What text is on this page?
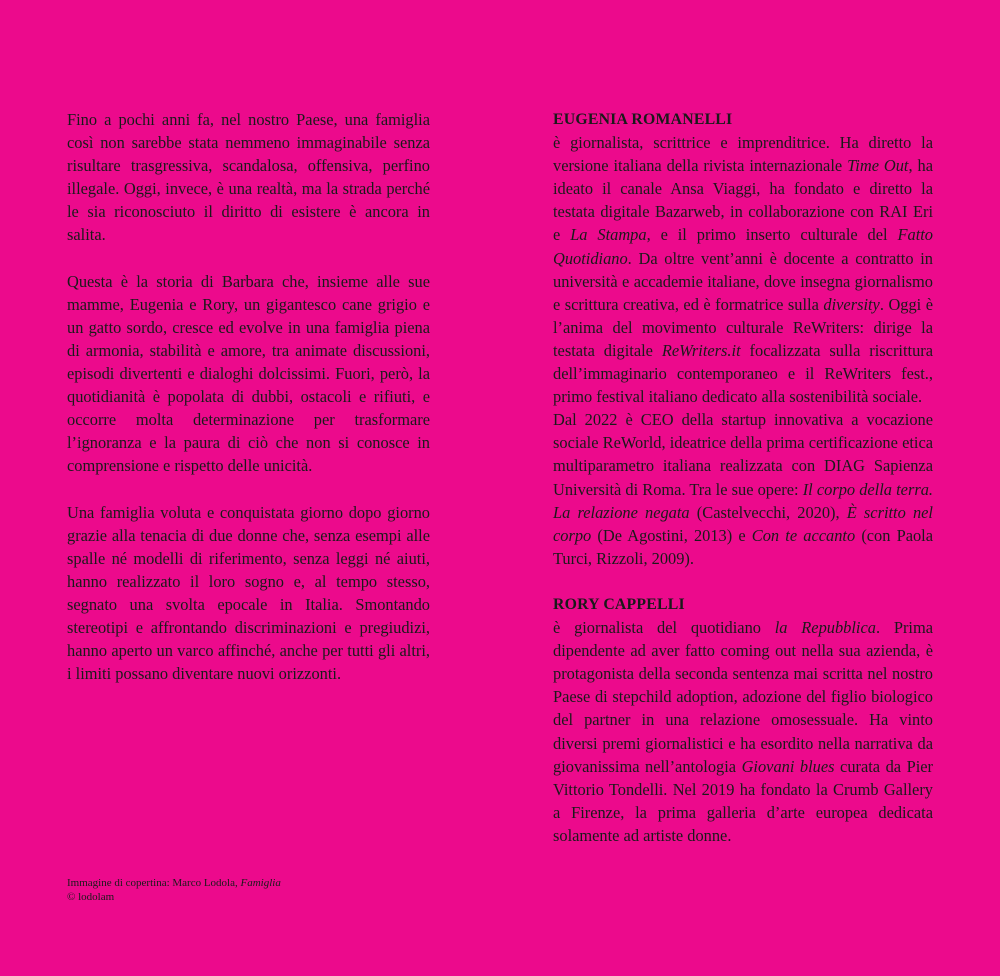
Fino a pochi anni fa, nel nostro Paese, una famiglia così non sarebbe stata nemmeno immaginabile senza risultare trasgressiva, scandalosa, offensiva, perfino illegale. Oggi, invece, è una realtà, ma la strada perché le sia riconosciuto il diritto di esistere è ancora in salita.

Questa è la storia di Barbara che, insieme alle sue mamme, Eugenia e Rory, un gigantesco cane grigio e un gatto sordo, cresce ed evolve in una famiglia piena di armonia, stabilità e amore, tra animate discussioni, episodi divertenti e dialoghi dolcissimi. Fuori, però, la quotidianità è popolata di dubbi, ostacoli e rifiuti, e occorre molta determinazione per trasformare l’ignoranza e la paura di ciò che non si conosce in comprensione e rispetto delle unicità.

Una famiglia voluta e conquistata giorno dopo giorno grazie alla tenacia di due donne che, senza esempi alle spalle né modelli di riferimento, senza leggi né aiuti, hanno realizzato il loro sogno e, al tempo stesso, segnato una svolta epocale in Italia. Smontando stereotipi e affrontando discriminazioni e pregiudizi, hanno aperto un varco affinché, anche per tutti gli altri, i limiti possano diventare nuovi orizzonti.

Immagine di copertina: Marco Lodola, Famiglia
© lodolam

EUGENIA ROMANELLI

è giornalista, scrittrice e imprenditrice. Ha diretto la versione italiana della rivista internazionale Time Out, ha ideato il canale Ansa Viaggi, ha fondato e diretto la testata digitale Bazarweb, in collaborazione con RAI Eri e La Stampa, e il primo inserto culturale del Fatto Quotidiano. Da oltre vent’anni è docente a contratto in università e accademie italiane, dove insegna giornalismo e scrittura creativa, ed è formatrice sulla diversity. Oggi è l’anima del movimento culturale ReWriters: dirige la testata digitale ReWriters.it focalizzata sulla riscrittura dell’immaginario contemporaneo e il ReWriters fest., primo festival italiano dedicato alla sostenibilità sociale.

Dal 2022 è CEO della startup innovativa a vocazione sociale ReWorld, ideatrice della prima certificazione etica multiparametro italiana realizzata con DIAG Sapienza Università di Roma. Tra le sue opere: Il corpo della terra. La relazione negata (Castelvecchi, 2020), È scritto nel corpo (De Agostini, 2013) e Con te accanto (con Paola Turci, Rizzoli, 2009).

RORY CAPPELLI

è giornalista del quotidiano la Repubblica. Prima dipendente ad aver fatto coming out nella sua azienda, è protagonista della seconda sentenza mai scritta nel nostro Paese di stepchild adoption, adozione del figlio biologico del partner in una relazione omosessuale. Ha vinto diversi premi giornalistici e ha esordito nella narrativa da giovanissima nell’antologia Giovani blues curata da Pier Vittorio Tondelli. Nel 2019 ha fondato la Crumb Gallery a Firenze, la prima galleria d’arte europea dedicata solamente ad artiste donne.
